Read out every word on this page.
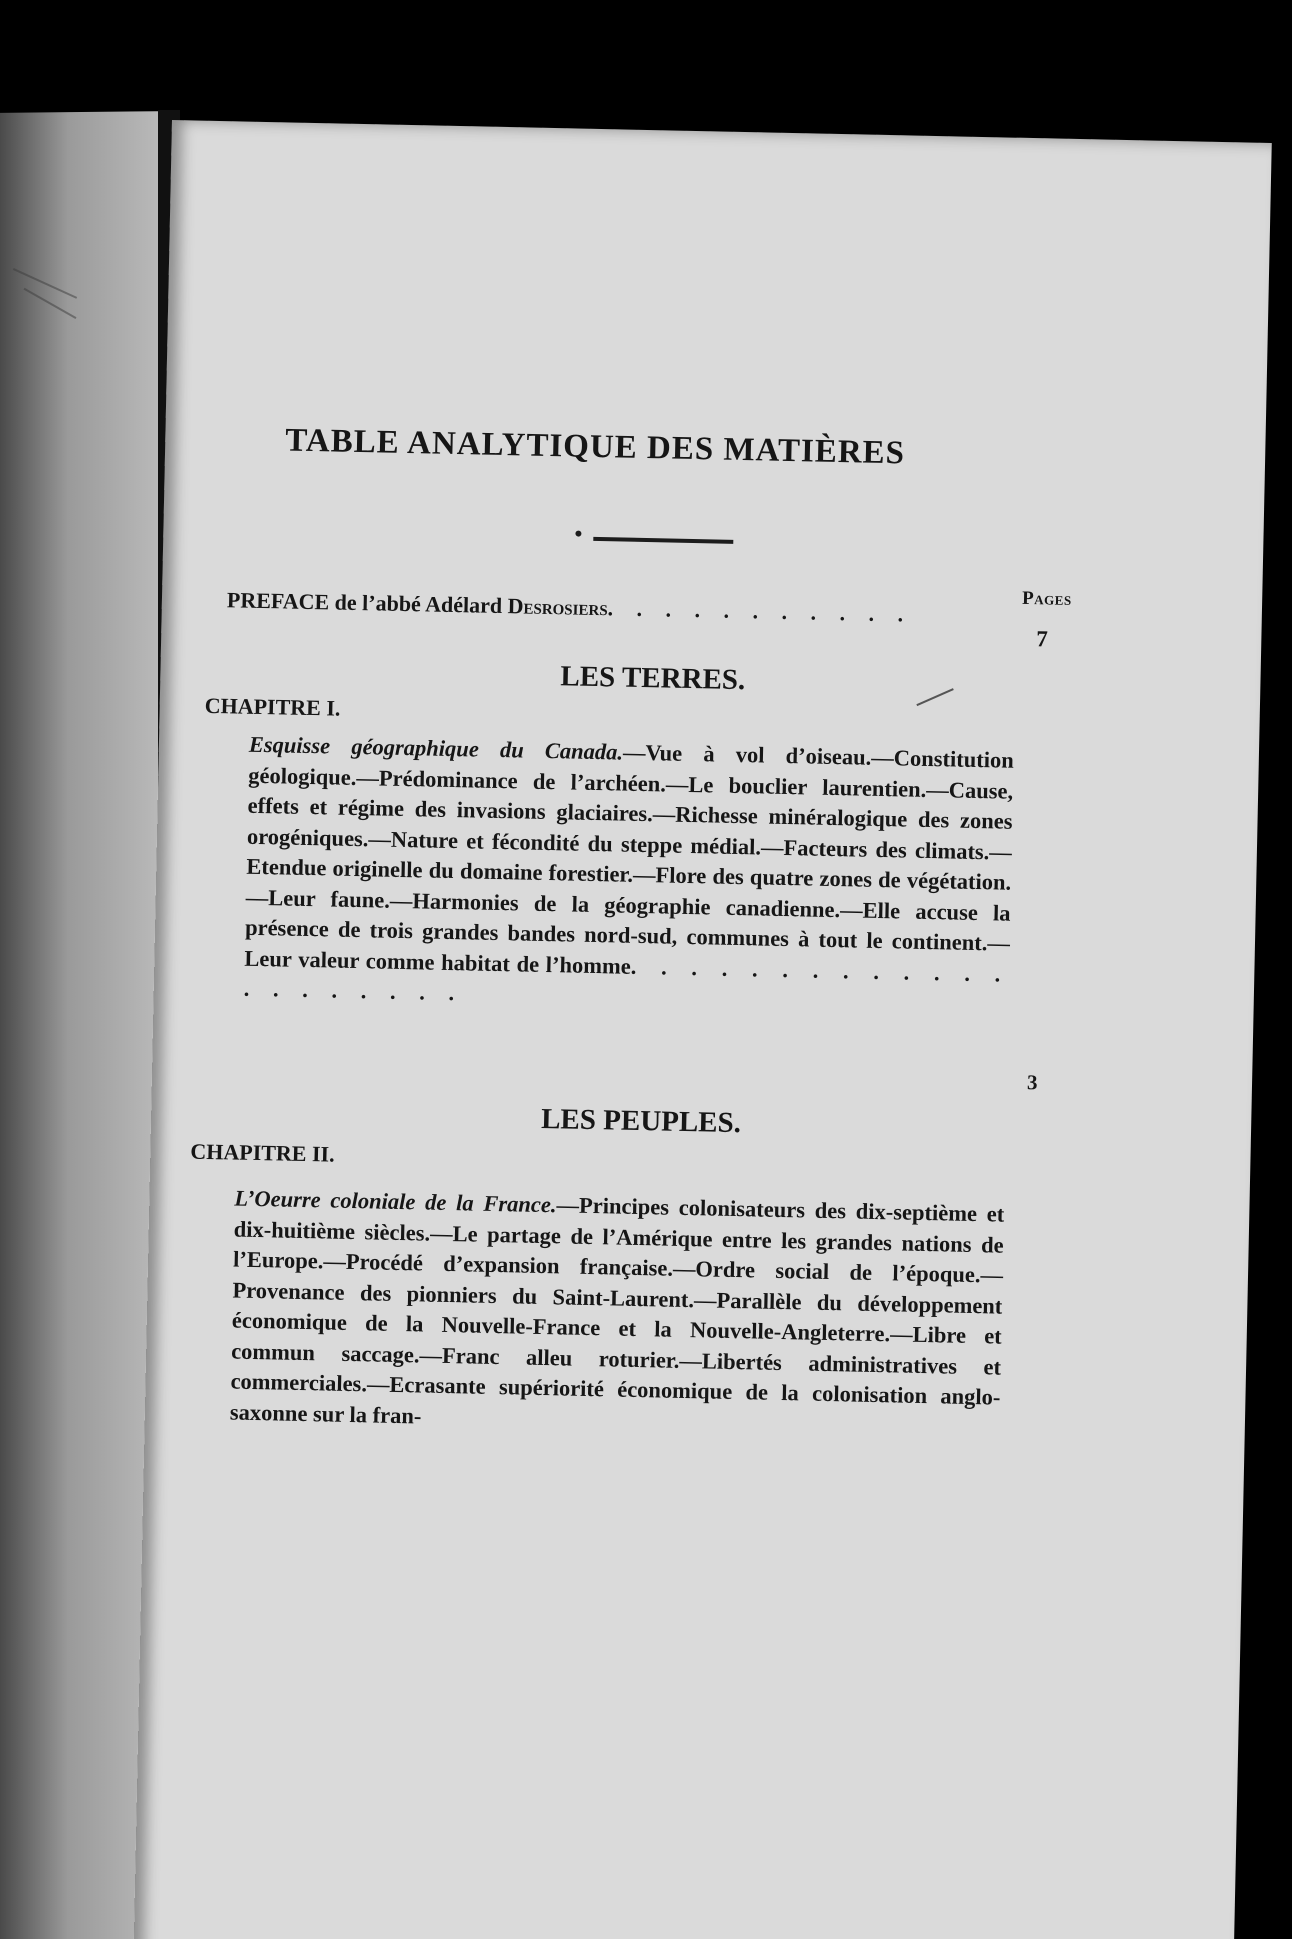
TABLE ANALYTIQUE DES MATIÈRES
Pages
PREFACE de l’abbé Adélard Desrosiers. . . . . . . . . . .
7
LES TERRES.
CHAPITRE I.
Esquisse géographique du Canada.—Vue à vol d’oiseau.—Constitution géologique.—Prédominance de l’archéen.—Le bouclier laurentien.—Cause, effets et régime des invasions glaciaires.—Richesse minéralogique des zones orogéniques.—Nature et fécondité du steppe médial.—Facteurs des climats.—Etendue originelle du domaine forestier.—Flore des quatre zones de végétation.—Leur faune.—Harmonies de la géographie canadienne.—Elle accuse la présence de trois grandes bandes nord-sud, communes à tout le continent.—Leur valeur comme habitat de l’homme. . . . . . . . . . . . . . . . . . . . .
3
LES PEUPLES.
CHAPITRE II.
L’Oeurre coloniale de la France.—Principes colonisateurs des dix-septième et dix-huitième siècles.—Le partage de l’Amérique entre les grandes nations de l’Europe.—Procédé d’expansion française.—Ordre social de l’époque.—Provenance des pionniers du Saint-Laurent.—Parallèle du développement économique de la Nouvelle-France et la Nouvelle-Angleterre.—Libre et commun saccage.—Franc alleu roturier.—Libertés administratives et commerciales.—Ecrasante supériorité économique de la colonisation anglo-saxonne sur la fran-
